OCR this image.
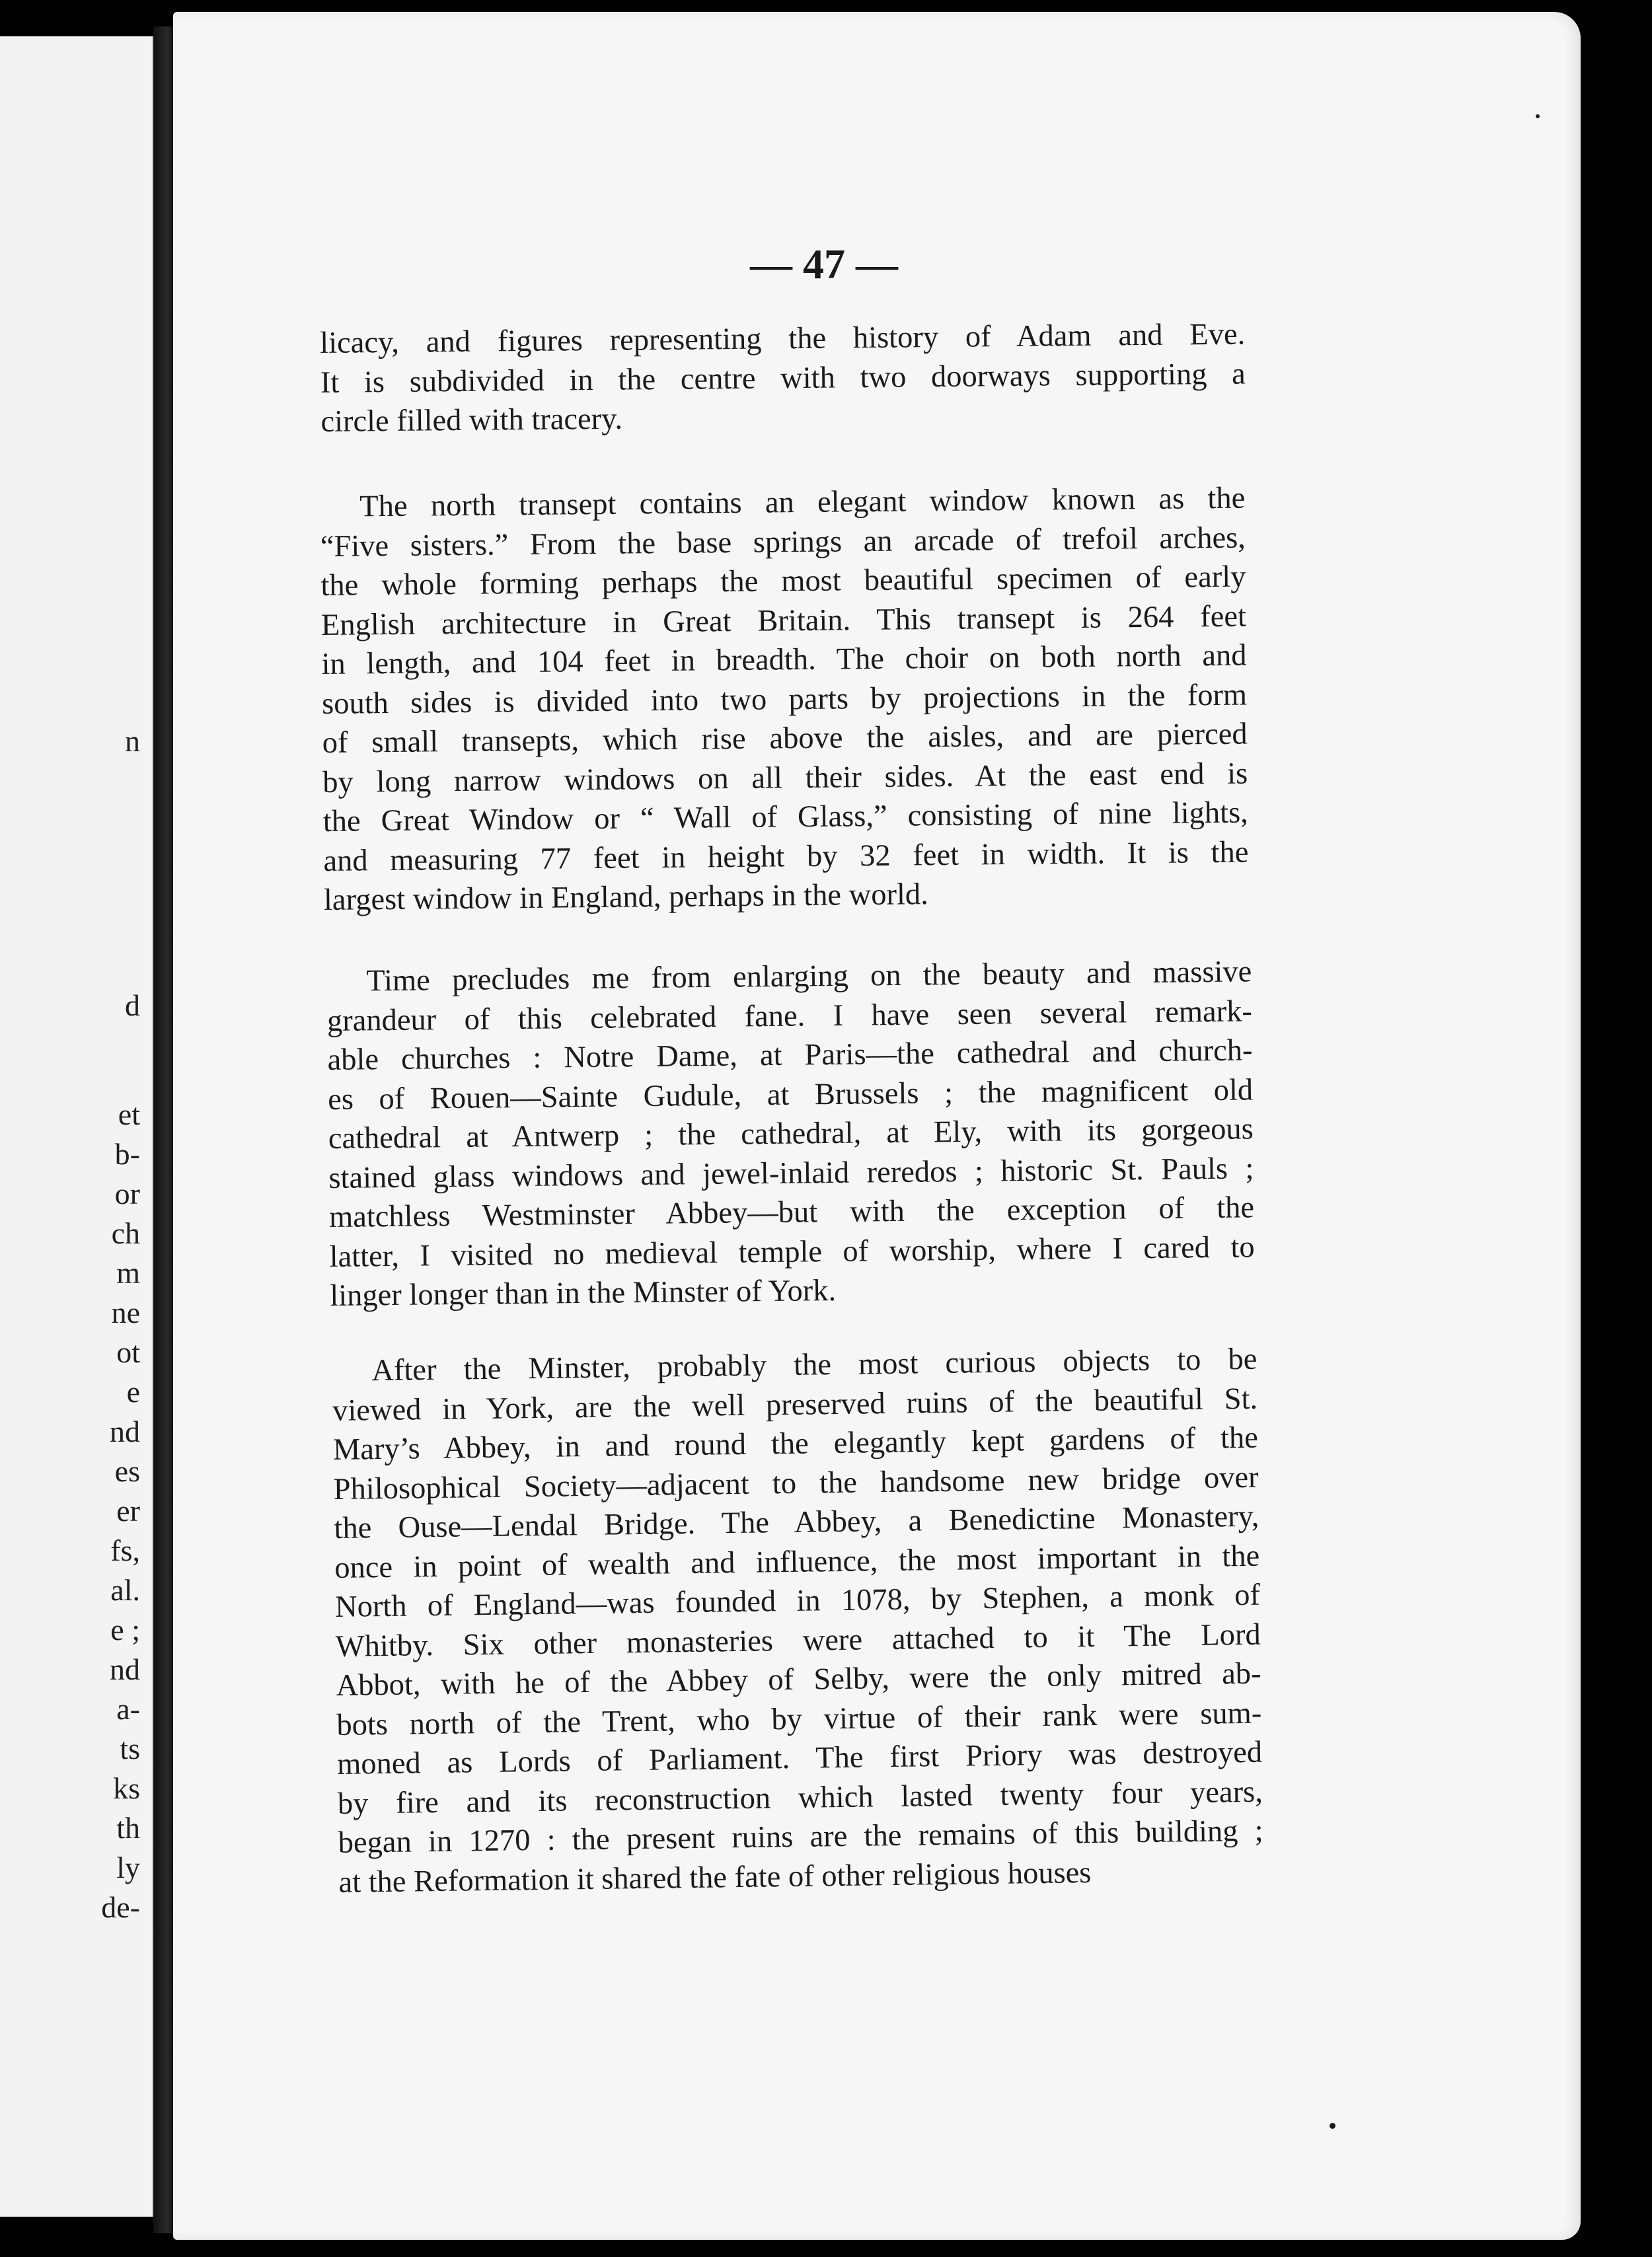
n
d
et
b-
or
ch
m
ne
ot
e
nd
es
er
fs,
al.
e ;
nd
a-
ts
ks
th
ly
de-
— 47 —
licacy, and figures representing the history of Adam and Eve.
It is subdivided in the centre with two doorways supporting a
circle filled with tracery.
The north transept contains an elegant window known as the
“Five sisters.” From the base springs an arcade of trefoil arches,
the whole forming perhaps the most beautiful specimen of early
English architecture in Great Britain. This transept is 264 feet
in length, and 104 feet in breadth. The choir on both north and
south sides is divided into two parts by projections in the form
of small transepts, which rise above the aisles, and are pierced
by long narrow windows on all their sides. At the east end is
the Great Window or “ Wall of Glass,” consisting of nine lights,
and measuring 77 feet in height by 32 feet in width. It is the
largest window in England, perhaps in the world.
Time precludes me from enlarging on the beauty and massive
grandeur of this celebrated fane. I have seen several remark-
able churches : Notre Dame, at Paris—the cathedral and church-
es of Rouen—Sainte Gudule, at Brussels ; the magnificent old
cathedral at Antwerp ; the cathedral, at Ely, with its gorgeous
stained glass windows and jewel-inlaid reredos ; historic St. Pauls ;
matchless Westminster Abbey—but with the exception of the
latter, I visited no medieval temple of worship, where I cared to
linger longer than in the Minster of York.
After the Minster, probably the most curious objects to be
viewed in York, are the well preserved ruins of the beautiful St.
Mary’s Abbey, in and round the elegantly kept gardens of the
Philosophical Society—adjacent to the handsome new bridge over
the Ouse—Lendal Bridge. The Abbey, a Benedictine Monastery,
once in point of wealth and influence, the most important in the
North of England—was founded in 1078, by Stephen, a monk of
Whitby. Six other monasteries were attached to it The Lord
Abbot, with he of the Abbey of Selby, were the only mitred ab-
bots north of the Trent, who by virtue of their rank were sum-
moned as Lords of Parliament. The first Priory was destroyed
by fire and its reconstruction which lasted twenty four years,
began in 1270 : the present ruins are the remains of this building ;
at the Reformation it shared the fate of other religious houses
